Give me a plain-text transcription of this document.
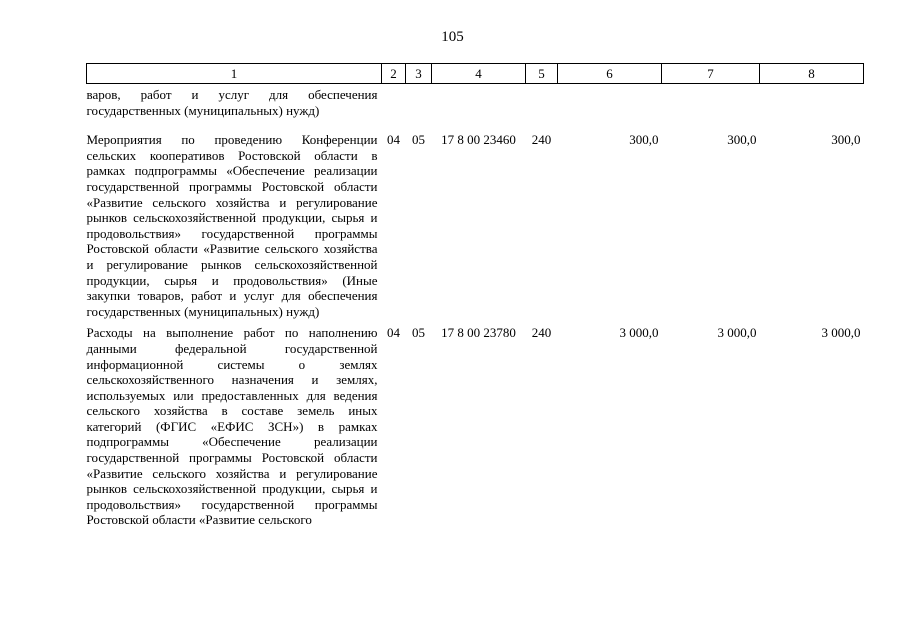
105
1	2	3	4	5	6	7	8
варов, работ и услуг для обеспечения государственных (муниципальных) нужд)							
Мероприятия по проведению Конференции сельских кооперативов Ростовской области в рамках подпрограммы «Обеспечение реализации государственной программы Ростовской области «Развитие сельского хозяйства и регулирование рынков сельскохозяйственной продукции, сырья и продовольствия» государственной программы Ростовской области «Развитие сельского хозяйства и регулирование рынков сельскохозяйственной продукции, сырья и продовольствия» (Иные закупки товаров, работ и услуг для обеспечения государственных (муниципальных) нужд)	04	05	17 8 00 23460	240	300,0	300,0	300,0
Расходы на выполнение работ по наполнению данными федеральной государственной информационной системы о землях сельскохозяйственного назначения и землях, используемых или предоставленных для ведения сельского хозяйства в составе земель иных категорий (ФГИС «ЕФИС ЗСН») в рамках подпрограммы «Обеспечение реализации государственной программы Ростовской области «Развитие сельского хозяйства и регулирование рынков сельскохозяйственной продукции, сырья и продовольствия» государственной программы Ростовской области «Развитие сельского	04	05	17 8 00 23780	240	3 000,0	3 000,0	3 000,0
